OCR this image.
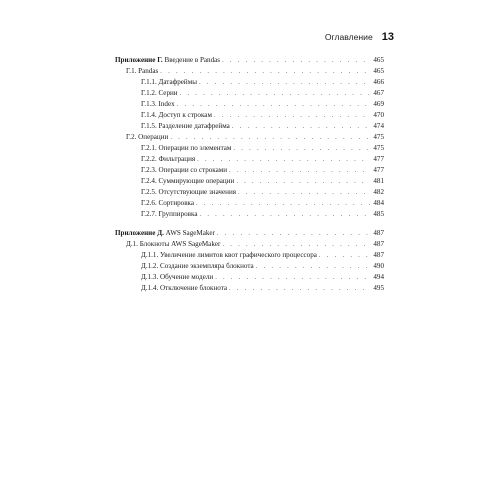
Оглавление 13
Приложение Г. Введение в Pandas . . .	465
Г.1. Pandas . . .	465
Г.1.1. Датафреймы . . .	466
Г.1.2. Серии . . .	467
Г.1.3. Index . . .	469
Г.1.4. Доступ к строкам . . .	470
Г.1.5. Разделение датафрейма . . .	474
Г.2. Операции . . .	475
Г.2.1. Операции по элементам . . .	475
Г.2.2. Фильтрация . . .	477
Г.2.3. Операции со строками . . .	477
Г.2.4. Суммирующие операции . . .	481
Г.2.5. Отсутствующие значения . . .	482
Г.2.6. Сортировка . . .	484
Г.2.7. Группировка . . .	485
Приложение Д. AWS SageMaker . . .	487
Д.1. Блокноты AWS SageMaker . . .	487
Д.1.1. Увеличение лимитов квот графического процессора . . .	487
Д.1.2. Создание экземпляра блокнота . . .	490
Д.1.3. Обучение модели . . .	494
Д.1.4. Отключение блокнота . . .	495
